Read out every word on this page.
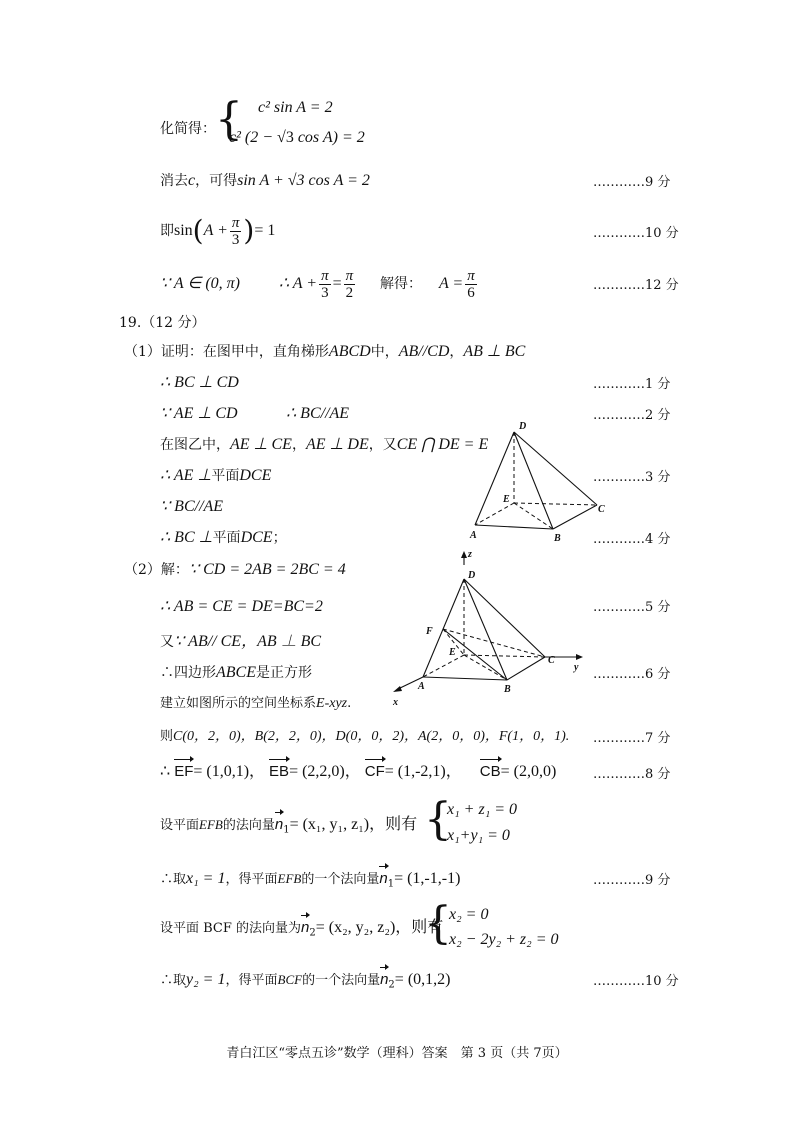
化简得： { c² sin A = 2
c² (2 − √3 cos A) = 2
消去c，可得sin A + √3 cos A = 2	…………9 分
即$\sin(A + \frac{\pi}{3}$ )= 1	…………10 分
∵ A ∈ (0, π) ∴ $A + \frac{\pi}{3} = \frac{\pi}{2}$ 解得： $A = \frac{\pi}{6}$	…………12 分
19.（12 分）
（1）证明：在图甲中，直角梯形ABCD中，AB//CD，AB ⊥ BC
∴ BC ⊥ CD	…………1 分
∵ AE ⊥ CD	∴ BC//AE	…………2 分
在图乙中，AE ⊥ CE，AE ⊥ DE，又CE ⋂ DE = E
∴ AE ⊥平面DCE	…………3 分
∵ BC//AE
∴ BC ⊥平面DCE；	…………4 分
D
E
C
A	B
（2）解：∵ CD = 2AB = 2BC = 4
∴ AB = CE = DE=BC=2	…………5 分
又∵ AB// CE，AB ⊥ BC
∴四边形ABCE是正方形	…………6 分
建立如图所示的空间坐标系E-xyz.
z
D
F
E
C
y
A	B
x
则C(0，2，0)，B(2，2，0)，D(0，0，2)，A(2，0，0)，F(1，0，1). …………7 分
∴ EF= (1,0,1)， EB= (2,2,0)， CF= (1,-2,1)， CB= (2,0,0)	…………8 分
设平面EFB的法向量$n_1= (x_1$, y₁, z₁)，则有 {
x₁ + z₁ = 0
x₁+y₁ = 0
∴取x₁ = 1，得平面EFB的一个法向量$n_1= (1,-1,-1)$	…………9 分
设平面 BCF 的法向量为$n_2= (x_2$, y₂, z₂)，则有
{
x₂ = 0
x₂ − 2y₂ + z₂ = 0
∴取y₂ = 1，得平面BCF的一个法向量$n_2= (0,1,2)$	…………10 分
青白江区“零点五诊”数学（理科）答案　第 3 页（共 7页）
